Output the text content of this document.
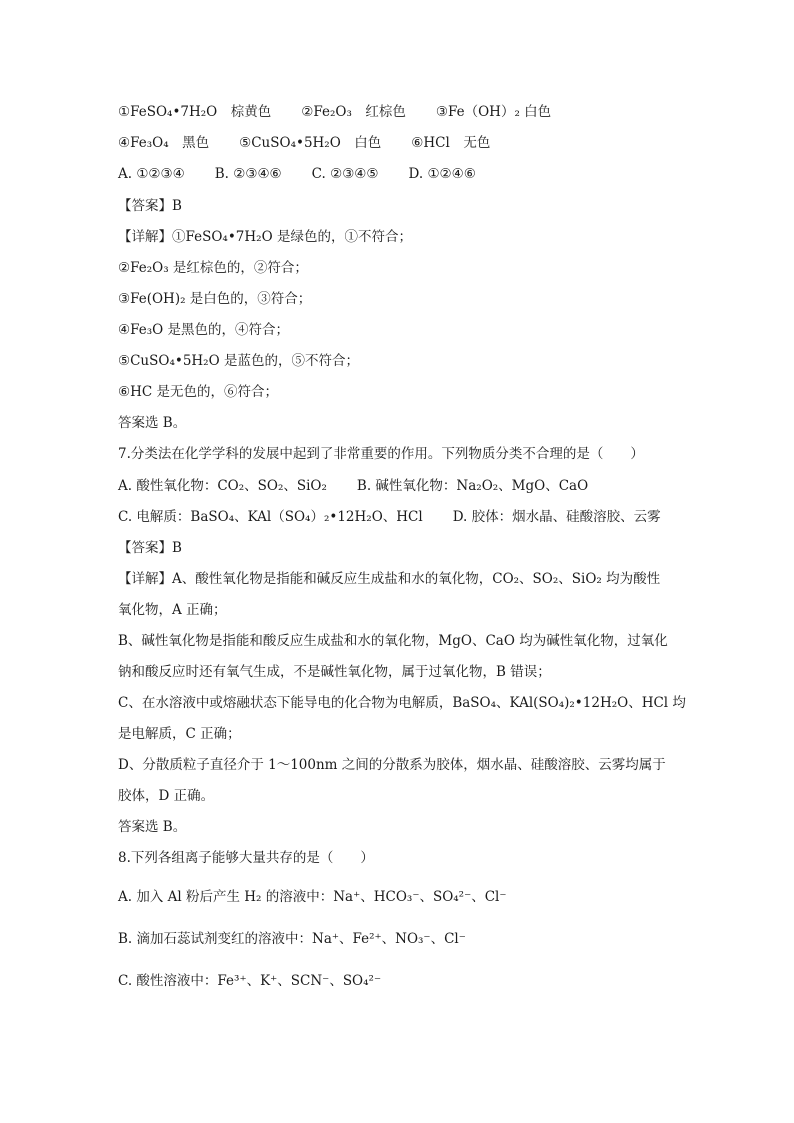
①FeSO₄•7H₂O　棕黄色 ②Fe₂O₃　红棕色 ③Fe（OH）₂ 白色
④Fe₃O₄　黑色 ⑤CuSO₄•5H₂O　白色 ⑥HCl　无色
A. ①②③④ B. ②③④⑥ C. ②③④⑤ D. ①②④⑥
【答案】B
【详解】①FeSO₄•7H₂O 是绿色的，①不符合；
②Fe₂O₃ 是红棕色的，②符合；
③Fe(OH)₂ 是白色的，③符合；
④Fe₃O 是黑色的，④符合；
⑤CuSO₄•5H₂O 是蓝色的，⑤不符合；
⑥HC 是无色的，⑥符合；
答案选 B。
7.分类法在化学学科的发展中起到了非常重要的作用。下列物质分类不合理的是（　　）
A. 酸性氧化物：CO₂、SO₂、SiO₂ B. 碱性氧化物：Na₂O₂、MgO、CaO
C. 电解质：BaSO₄、KAl（SO₄）₂•12H₂O、HCl D. 胶体：烟水晶、硅酸溶胶、云雾
【答案】B
【详解】A、酸性氧化物是指能和碱反应生成盐和水的氧化物，CO₂、SO₂、SiO₂ 均为酸性
氧化物，A 正确；
B、碱性氧化物是指能和酸反应生成盐和水的氧化物，MgO、CaO 均为碱性氧化物，过氧化
钠和酸反应时还有氧气生成，不是碱性氧化物，属于过氧化物，B 错误；
C、在水溶液中或熔融状态下能导电的化合物为电解质，BaSO₄、KAl(SO₄)₂•12H₂O、HCl 均
是电解质，C 正确；
D、分散质粒子直径介于 1～100nm 之间的分散系为胶体，烟水晶、硅酸溶胶、云雾均属于
胶体，D 正确。
答案选 B。
8.下列各组离子能够大量共存的是（　　）
A. 加入 Al 粉后产生 H₂ 的溶液中：Na⁺、HCO₃⁻、SO₄²⁻、Cl⁻
B. 滴加石蕊试剂变红的溶液中：Na⁺、Fe²⁺、NO₃⁻、Cl⁻
C. 酸性溶液中：Fe³⁺、K⁺、SCN⁻、SO₄²⁻
